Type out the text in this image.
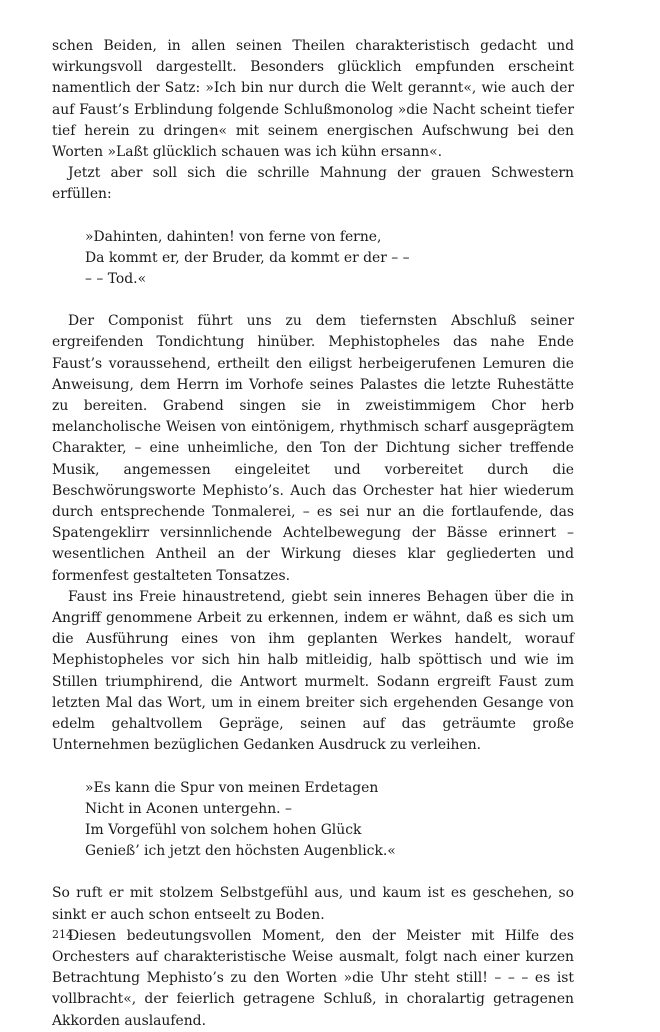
schen Beiden, in allen seinen Theilen charakteristisch gedacht und wirkungsvoll dargestellt. Besonders glücklich empfunden erscheint namentlich der Satz: »Ich bin nur durch die Welt gerannt«, wie auch der auf Faust’s Erblindung folgende Schlußmonolog »die Nacht scheint tiefer tief herein zu dringen« mit seinem energischen Aufschwung bei den Worten »Laßt glücklich schauen was ich kühn ersann«.

Jetzt aber soll sich die schrille Mahnung der grauen Schwestern erfüllen:

»Dahinten, dahinten! von ferne von ferne,
Da kommt er, der Bruder, da kommt er der – –
– – Tod.«

Der Componist führt uns zu dem tiefernsten Abschluß seiner ergreifenden Tondichtung hinüber. Mephistopheles das nahe Ende Faust’s voraussehend, ertheilt den eiligst herbeigerufenen Lemuren die Anweisung, dem Herrn im Vorhofe seines Palastes die letzte Ruhestätte zu bereiten. Grabend singen sie in zweistimmigem Chor herb melancholische Weisen von eintönigem, rhythmisch scharf ausgeprägtem Charakter, – eine unheimliche, den Ton der Dichtung sicher treffende Musik, angemessen eingeleitet und vorbereitet durch die Beschwörungsworte Mephisto’s. Auch das Orchester hat hier wiederum durch entsprechende Tonmalerei, – es sei nur an die fortlaufende, das Spatengeklirr versinnlichende Achtelbewegung der Bässe erinnert – wesentlichen Antheil an der Wirkung dieses klar gegliederten und formenfest gestalteten Tonsatzes.

Faust ins Freie hinaustretend, giebt sein inneres Behagen über die in Angriff genommene Arbeit zu erkennen, indem er wähnt, daß es sich um die Ausführung eines von ihm geplanten Werkes handelt, worauf Mephistopheles vor sich hin halb mitleidig, halb spöttisch und wie im Stillen triumphirend, die Antwort murmelt. Sodann ergreift Faust zum letzten Mal das Wort, um in einem breiter sich ergehenden Gesange von edelm gehaltvollem Gepräge, seinen auf das geträumte große Unternehmen bezüglichen Gedanken Ausdruck zu verleihen.

»Es kann die Spur von meinen Erdetagen
Nicht in Aconen untergehn. –
Im Vorgefühl von solchem hohen Glück
Genieß’ ich jetzt den höchsten Augenblick.«

So ruft er mit stolzem Selbstgefühl aus, und kaum ist es geschehen, so sinkt er auch schon entseelt zu Boden.

Diesen bedeutungsvollen Moment, den der Meister mit Hilfe des Orchesters auf charakteristische Weise ausmalt, folgt nach einer kurzen Betrachtung Mephisto’s zu den Worten »die Uhr steht still! – – – es ist vollbracht«, der feierlich getragene Schluß, in choralartig getragenen Akkorden auslaufend.

214
